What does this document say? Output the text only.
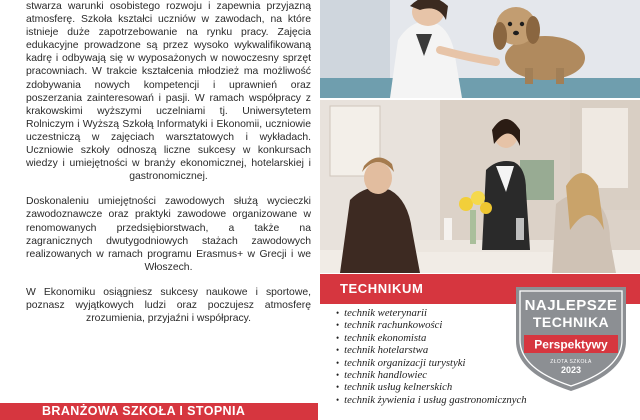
stwarza warunki osobistego rozwoju i zapewnia przyjazną atmosferę. Szkoła kształci uczniów w zawodach, na które istnieje duże zapotrzebowanie na rynku pracy. Zajęcia edukacyjne prowadzone są przez wysoko wykwalifikowaną kadrę i odbywają się w wyposażonych w nowoczesny sprzęt pracowniach. W trakcie kształcenia młodzież ma możliwość zdobywania nowych kompetencji i uprawnień oraz poszerzania zainteresowań i pasji. W ramach współpracy z krakowskimi wyższymi uczelniami tj. Uniwersytetem Rolniczym i Wyższą Szkołą Informatyki i Ekonomii, uczniowie uczestniczą w zajęciach warsztatowych i wykładach. Uczniowie szkoły odnoszą liczne sukcesy w konkursach wiedzy i umiejętności w branży ekonomicznej, hotelarskiej i gastronomicznej.

Doskonaleniu umiejętności zawodowych służą wycieczki zawodoznawcze oraz praktyki zawodowe organizowane w renomowanych przedsiębiorstwach, a także na zagranicznych dwutygodniowych stażach zawodowych realizowanych w ramach programu Erasmus+ w Grecji i we Włoszech.

W Ekonomiku osiągniesz sukcesy naukowe i sportowe, poznasz wyjątkowych ludzi oraz poczujesz atmosferę zrozumienia, przyjaźni i współpracy.

BRANŻOWA SZKOŁA I STOPNIA
TECHNIKUM
• technik weterynarii
• technik rachunkowości
• technik ekonomista
• technik hotelarstwa
• technik organizacji turystyki
• technik handlowiec
• technik usług kelnerskich
• technik żywienia i usług gastronomicznych
NAJLEPSZE
TECHNIKA
Perspektywy
ZŁOTA SZKOŁA
2023
